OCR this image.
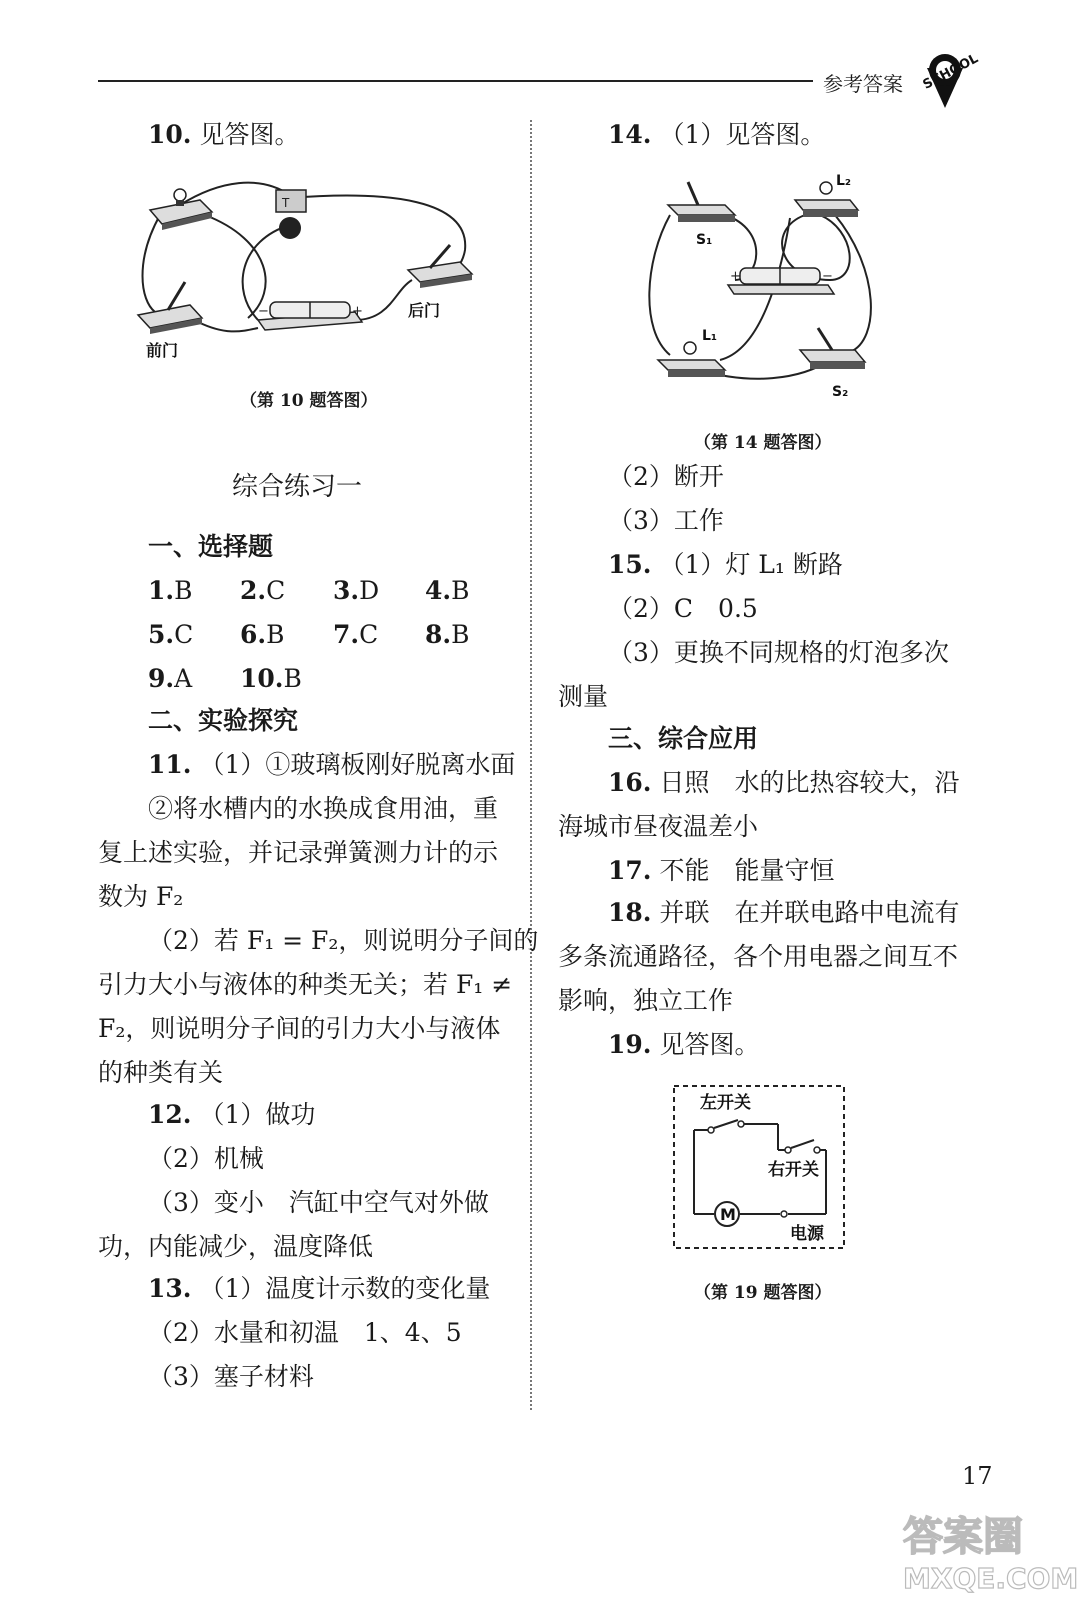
参考答案 SCHOOL
10. 见答图。
T
前门
−	+	后门
（第 10 题答图）
综合练习一
一、选择题
1.B 2.C 3.D 4.B
5.C 6.B 7.C 8.B
9.A 10.B
二、实验探究
11. （1）①玻璃板刚好脱离水面
②将水槽内的水换成食用油，重
复上述实验，并记录弹簧测力计的示
数为 F₂
（2）若 F₁ = F₂，则说明分子间的
引力大小与液体的种类无关；若 F₁ ≠
F₂，则说明分子间的引力大小与液体
的种类有关
12. （1）做功
（2）机械
（3）变小　汽缸中空气对外做
功，内能减少，温度降低
13. （1）温度计示数的变化量
（2）水量和初温　1、4、5
（3）塞子材料
14. （1）见答图。
S₁
L₂
+	−
L₁
S₂
（第 14 题答图）
（2）断开
（3）工作
15. （1）灯 L₁ 断路
（2）C　0.5
（3）更换不同规格的灯泡多次
测量
三、综合应用
16. 日照　水的比热容较大，沿
海城市昼夜温差小
17. 不能　能量守恒
18. 并联　在并联电路中电流有
多条流通路径，各个用电器之间互不
影响，独立工作
19. 见答图。
左开关
右开关
电源
M
（第 19 题答图）
17
答案圈
MXQE.COM
